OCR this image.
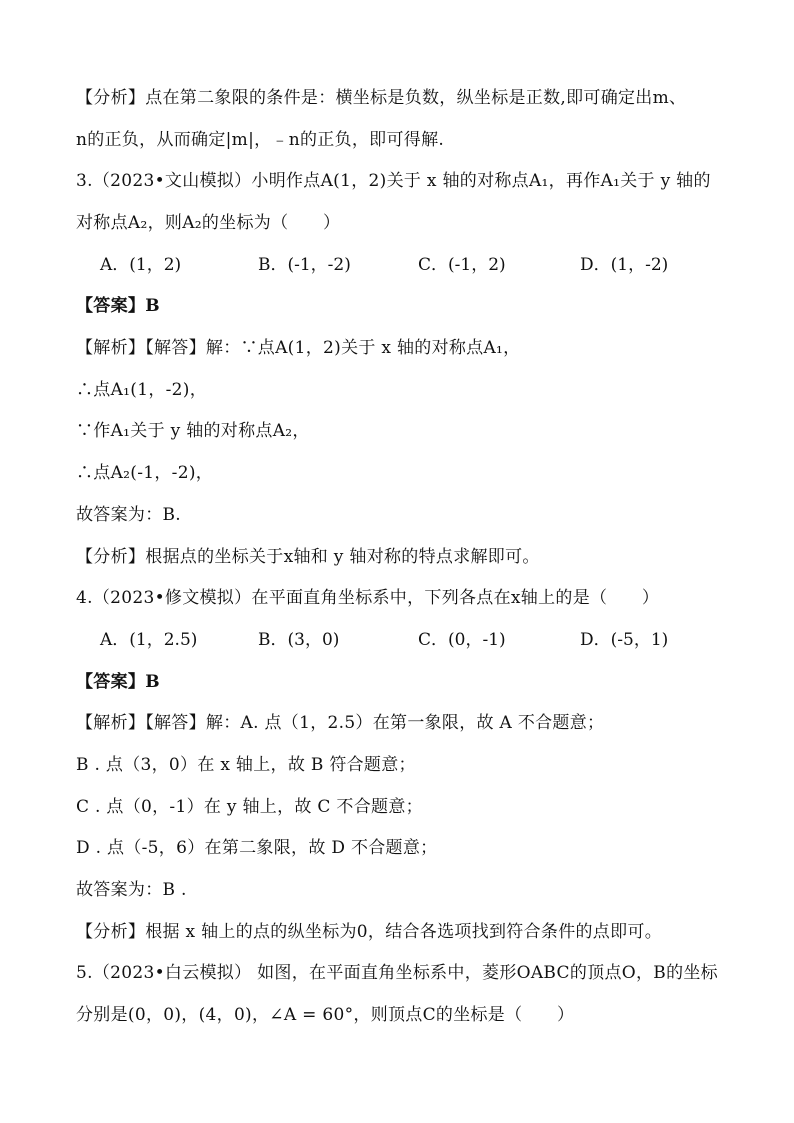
【分析】点在第二象限的条件是：横坐标是负数，纵坐标是正数,即可确定出m、
n的正负，从而确定|m|，﹣n的正负，即可得解.
3.（2023•文山模拟）小明作点A(1，2)关于 x 轴的对称点A₁，再作A₁关于 y 轴的
对称点A₂，则A₂的坐标为（　　）
A．(1，2)	B．(-1，-2)	C．(-1，2)	D．(1，-2)
【答案】B
【解析】【解答】解：∵点A(1，2)关于 x 轴的对称点A₁，
∴点A₁(1，-2)，
∵作A₁关于 y 轴的对称点A₂，
∴点A₂(-1，-2)，
故答案为：B.
【分析】根据点的坐标关于x轴和 y 轴对称的特点求解即可。
4.（2023•修文模拟）在平面直角坐标系中，下列各点在x轴上的是（　　）
A．(1，2.5)	B．(3，0)	C．(0，-1)	D．(-5，1)
【答案】B
【解析】【解答】解：A. 点（1，2.5）在第一象限，故 A 不合题意；
B . 点（3，0）在 x 轴上，故 B 符合题意；
C . 点（0，-1）在 y 轴上，故 C 不合题意；
D . 点（-5，6）在第二象限，故 D 不合题意；
故答案为：B .
【分析】根据 x 轴上的点的纵坐标为0，结合各选项找到符合条件的点即可。
5.（2023•白云模拟） 如图，在平面直角坐标系中，菱形OABC的顶点O，B的坐标
分别是(0，0)，(4，0)，∠A = 60°，则顶点C的坐标是（　　）
